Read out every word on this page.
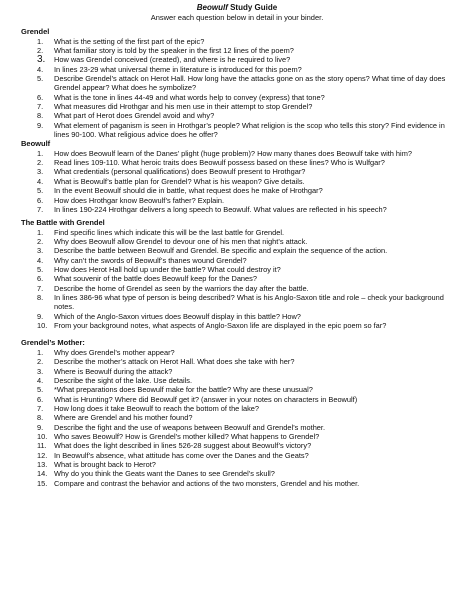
Beowulf Study Guide
Answer each question below in detail in your binder.
Grendel
1.	What is the setting of the first part of the epic?
2.	What familiar story is told by the speaker in the first 12 lines of the poem?
3.	How was Grendel conceived (created), and where is he required to live?
4.	In lines 23-29 what universal theme in literature is introduced for this poem?
5.	Describe Grendel’s attack on Herot Hall. How long have the attacks gone on as the story opens? What time of day does Grendel appear? What does he symbolize?
6.	What is the tone in lines 44-49 and what words help to convey (express) that tone?
7.	What measures did Hrothgar and his men use in their attempt to stop Grendel?
8.	What part of Herot does Grendel avoid and why?
9.	What element of paganism is seen in Hrothgar’s people? What religion is the scop who tells this story? Find evidence in lines 90-100. What religious advice does he offer?
Beowulf
1.	How does Beowulf learn of the Danes’ plight (huge problem)? How many thanes does Beowulf take with him?
2.	Read lines 109-110. What heroic traits does Beowulf possess based on these lines? Who is Wulfgar?
3.	What credentials (personal qualifications) does Beowulf present to Hrothgar?
4.	What is Beowulf’s battle plan for Grendel? What is his weapon? Give details.
5.	In the event Beowulf should die in battle, what request does he make of Hrothgar?
6.	How does Hrothgar know Beowulf’s father? Explain.
7.	In lines 190-224 Hrothgar delivers a long speech to Beowulf. What values are reflected in his speech?
The Battle with Grendel
1.	Find specific lines which indicate this will be the last battle for Grendel.
2.	Why does Beowulf allow Grendel to devour one of his men that night’s attack.
3.	Describe the battle between Beowulf and Grendel. Be specific and explain the sequence of the action.
4.	Why can’t the swords of Beowulf’s thanes wound Grendel?
5.	How does Herot Hall hold up under the battle? What could destroy it?
6.	What souvenir of the battle does Beowulf keep for the Danes?
7.	Describe the home of Grendel as seen by the warriors the day after the battle.
8.	In lines 386-96 what type of person is being described? What is his Anglo-Saxon title and role – check your background notes.
9.	Which of the Anglo-Saxon virtues does Beowulf display in this battle? How?
10. From your background notes, what aspects of Anglo-Saxon life are displayed in the epic poem so far?
Grendel’s Mother:
1.	Why does Grendel’s mother appear?
2.	Describe the mother’s attack on Herot Hall. What does she take with her?
3.	Where is Beowulf during the attack?
4.	Describe the sight of the lake. Use details.
5.	*What preparations does Beowulf make for the battle? Why are these unusual?
6.	What is Hrunting? Where did Beowulf get it? (answer in your notes on characters in Beowulf)
7.	How long does it take Beowulf to reach the bottom of the lake?
8.	Where are Grendel and his mother found?
9.	Describe the fight and the use of weapons between Beowulf and Grendel’s mother.
10. Who saves Beowulf? How is Grendel’s mother killed? What happens to Grendel?
11. What does the light described in lines 526-28 suggest about Beowulf’s victory?
12. In Beowulf’s absence, what attitude has come over the Danes and the Geats?
13. What is brought back to Herot?
14. Why do you think the Geats want the Danes to see Grendel’s skull?
15. Compare and contrast the behavior and actions of the two monsters, Grendel and his mother.
